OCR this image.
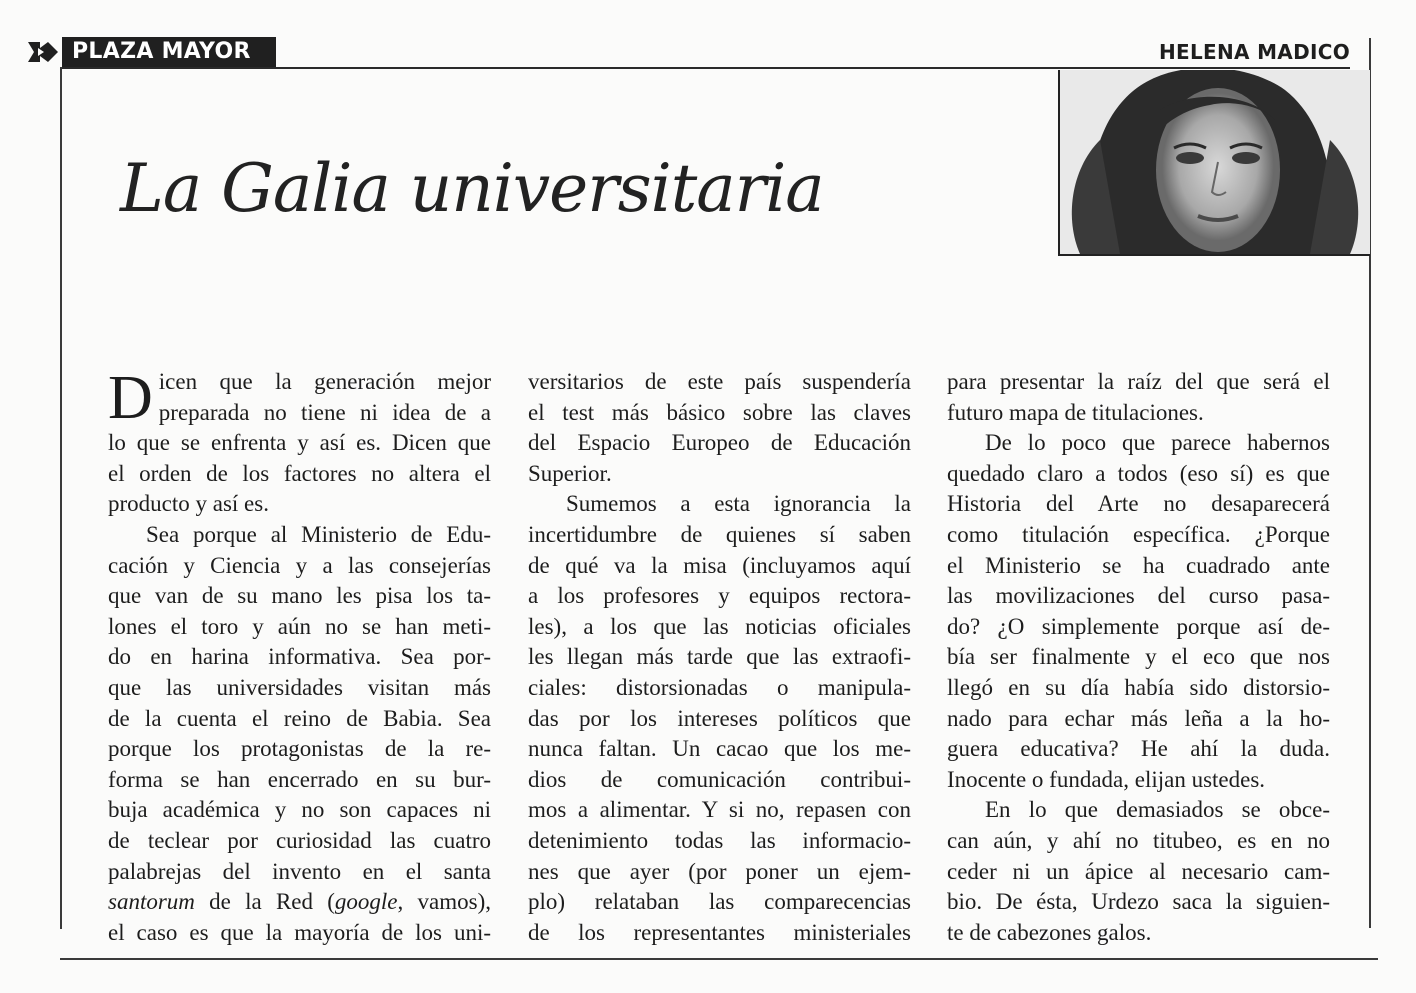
PLAZA MAYOR	HELENA MADICO
La Galia universitaria
D icen que la generación mejor
preparada no tiene ni idea de a
lo que se enfrenta y así es. Dicen que
el orden de los factores no altera el
producto y así es.
Sea porque al Ministerio de Edu-
cación y Ciencia y a las consejerías
que van de su mano les pisa los ta-
lones el toro y aún no se han meti-
do en harina informativa. Sea por-
que las universidades visitan más
de la cuenta el reino de Babia. Sea
porque los protagonistas de la re-
forma se han encerrado en su bur-
buja académica y no son capaces ni
de teclear por curiosidad las cuatro
palabrejas del invento en el santa
santorum de la Red (google, vamos),
el caso es que la mayoría de los uni-
versitarios de este país suspendería
el test más básico sobre las claves
del Espacio Europeo de Educación
Superior.
Sumemos a esta ignorancia la
incertidumbre de quienes sí saben
de qué va la misa (incluyamos aquí
a los profesores y equipos rectora-
les), a los que las noticias oficiales
les llegan más tarde que las extraofi-
ciales: distorsionadas o manipula-
das por los intereses políticos que
nunca faltan. Un cacao que los me-
dios de comunicación contribui-
mos a alimentar. Y si no, repasen con
detenimiento todas las informacio-
nes que ayer (por poner un ejem-
plo) relataban las comparecencias
de los representantes ministeriales
para presentar la raíz del que será el
futuro mapa de titulaciones.
De lo poco que parece habernos
quedado claro a todos (eso sí) es que
Historia del Arte no desaparecerá
como titulación específica. ¿Porque
el Ministerio se ha cuadrado ante
las movilizaciones del curso pasa-
do? ¿O simplemente porque así de-
bía ser finalmente y el eco que nos
llegó en su día había sido distorsio-
nado para echar más leña a la ho-
guera educativa? He ahí la duda.
Inocente o fundada, elijan ustedes.
En lo que demasiados se obce-
can aún, y ahí no titubeo, es en no
ceder ni un ápice al necesario cam-
bio. De ésta, Urdezo saca la siguien-
te de cabezones galos.
